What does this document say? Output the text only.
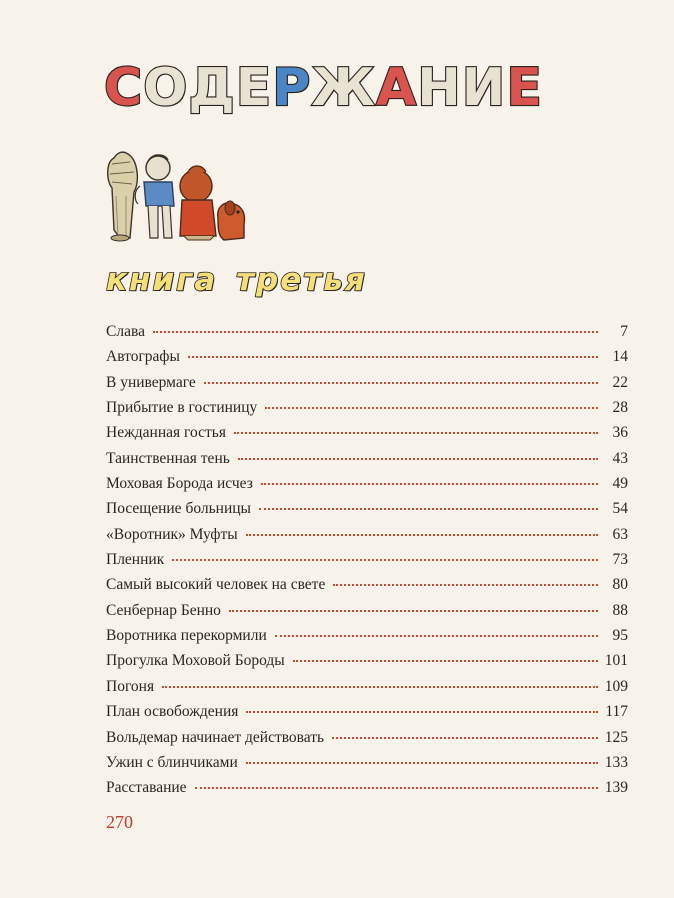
С О Д Е Р Ж А Н И Е
книга третья
Слава	7
Автографы	14
В универмаге	22
Прибытие в гостиницу	28
Нежданная гостья	36
Таинственная тень	43
Моховая Борода исчез	49
Посещение больницы	54
«Воротник» Муфты	63
Пленник	73
Самый высокий человек на свете	80
Сенбернар Бенно	88
Воротника перекормили	95
Прогулка Моховой Бороды	101
Погоня	109
План освобождения	117
Вольдемар начинает действовать	125
Ужин с блинчиками	133
Расставание	139
270
